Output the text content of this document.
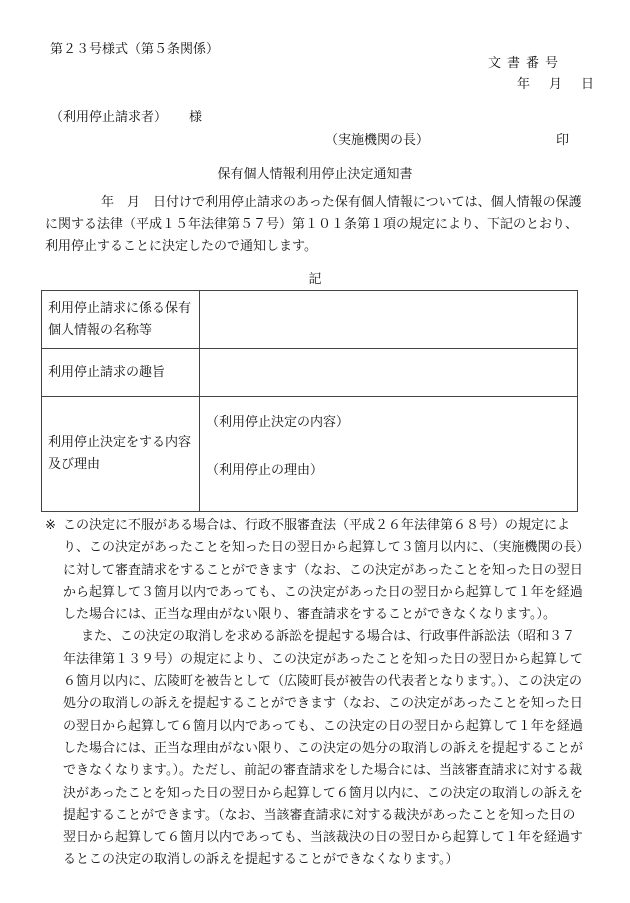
第２３号様式（第５条関係）
文書番号
年　月　日
（利用停止請求者） 様
（実施機関の長）	印
保有個人情報利用停止決定通知書
年　月　日付けで利用停止請求のあった保有個人情報については、個人情報の保護に関する法律（平成１５年法律第５７号）第１０１条第１項の規定により、下記のとおり、利用停止することに決定したので通知します。
記
利用停止請求に係る保有個人情報の名称等	
利用停止請求の趣旨	
利用停止決定をする内容及び理由	（利用停止決定の内容）
（利用停止の理由）

※ この決定に不服がある場合は、行政不服審査法（平成２６年法律第６８号）の規定により、この決定があったことを知った日の翌日から起算して３箇月以内に、（実施機関の長）に対して審査請求をすることができます（なお、この決定があったことを知った日の翌日から起算して３箇月以内であっても、この決定があった日の翌日から起算して１年を経過した場合には、正当な理由がない限り、審査請求をすることができなくなります。）。

また、この決定の取消しを求める訴訟を提起する場合は、行政事件訴訟法（昭和３７年法律第１３９号）の規定により、この決定があったことを知った日の翌日から起算して６箇月以内に、広陵町を被告として（広陵町長が被告の代表者となります。）、この決定の処分の取消しの訴えを提起することができます（なお、この決定があったことを知った日の翌日から起算して６箇月以内であっても、この決定の日の翌日から起算して１年を経過した場合には、正当な理由がない限り、この決定の処分の取消しの訴えを提起することができなくなります。）。ただし、前記の審査請求をした場合には、当該審査請求に対する裁決があったことを知った日の翌日から起算して６箇月以内に、この決定の取消しの訴えを提起することができます。（なお、当該審査請求に対する裁決があったことを知った日の翌日から起算して６箇月以内であっても、当該裁決の日の翌日から起算して１年を経過するとこの決定の取消しの訴えを提起することができなくなります。）
